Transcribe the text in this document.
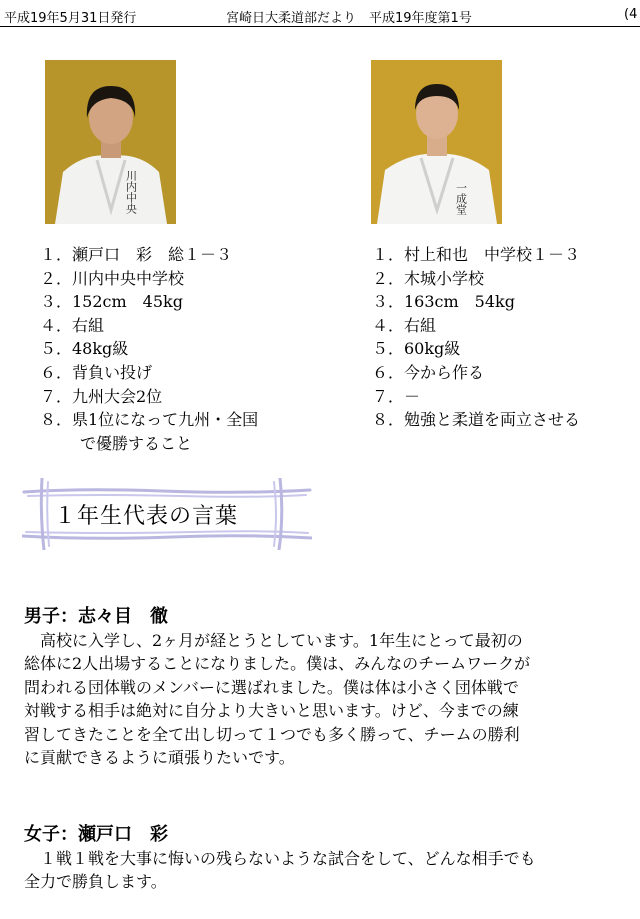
平成19年5月31日発行	宮崎日大柔道部だより　平成19年度第1号	(4
川内中央	一成堂
１． 瀬戸口　彩　総１－３
２． 川内中央中学校
３． 152cm　45kg
４． 右組
５． 48kg級
６． 背負い投げ
７． 九州大会2位
８． 県1位になって九州・全国
で優勝すること
１． 村上和也　中学校１－３
２． 木城小学校
３． 163cm　54kg
４． 右組
５． 60kg級
６． 今から作る
７． －
８． 勉強と柔道を両立させる
１年生代表の言葉
男子：志々目　徹
　高校に入学し、2ヶ月が経とうとしています。1年生にとって最初の
総体に2人出場することになりました。僕は、みんなのチームワークが
問われる団体戦のメンバーに選ばれました。僕は体は小さく団体戦で
対戦する相手は絶対に自分より大きいと思います。けど、今までの練
習してきたことを全て出し切って１つでも多く勝って、チームの勝利
に貢献できるように頑張りたいです。
女子：瀬戸口　彩
　１戦１戦を大事に悔いの残らないような試合をして、どんな相手でも
全力で勝負します。
